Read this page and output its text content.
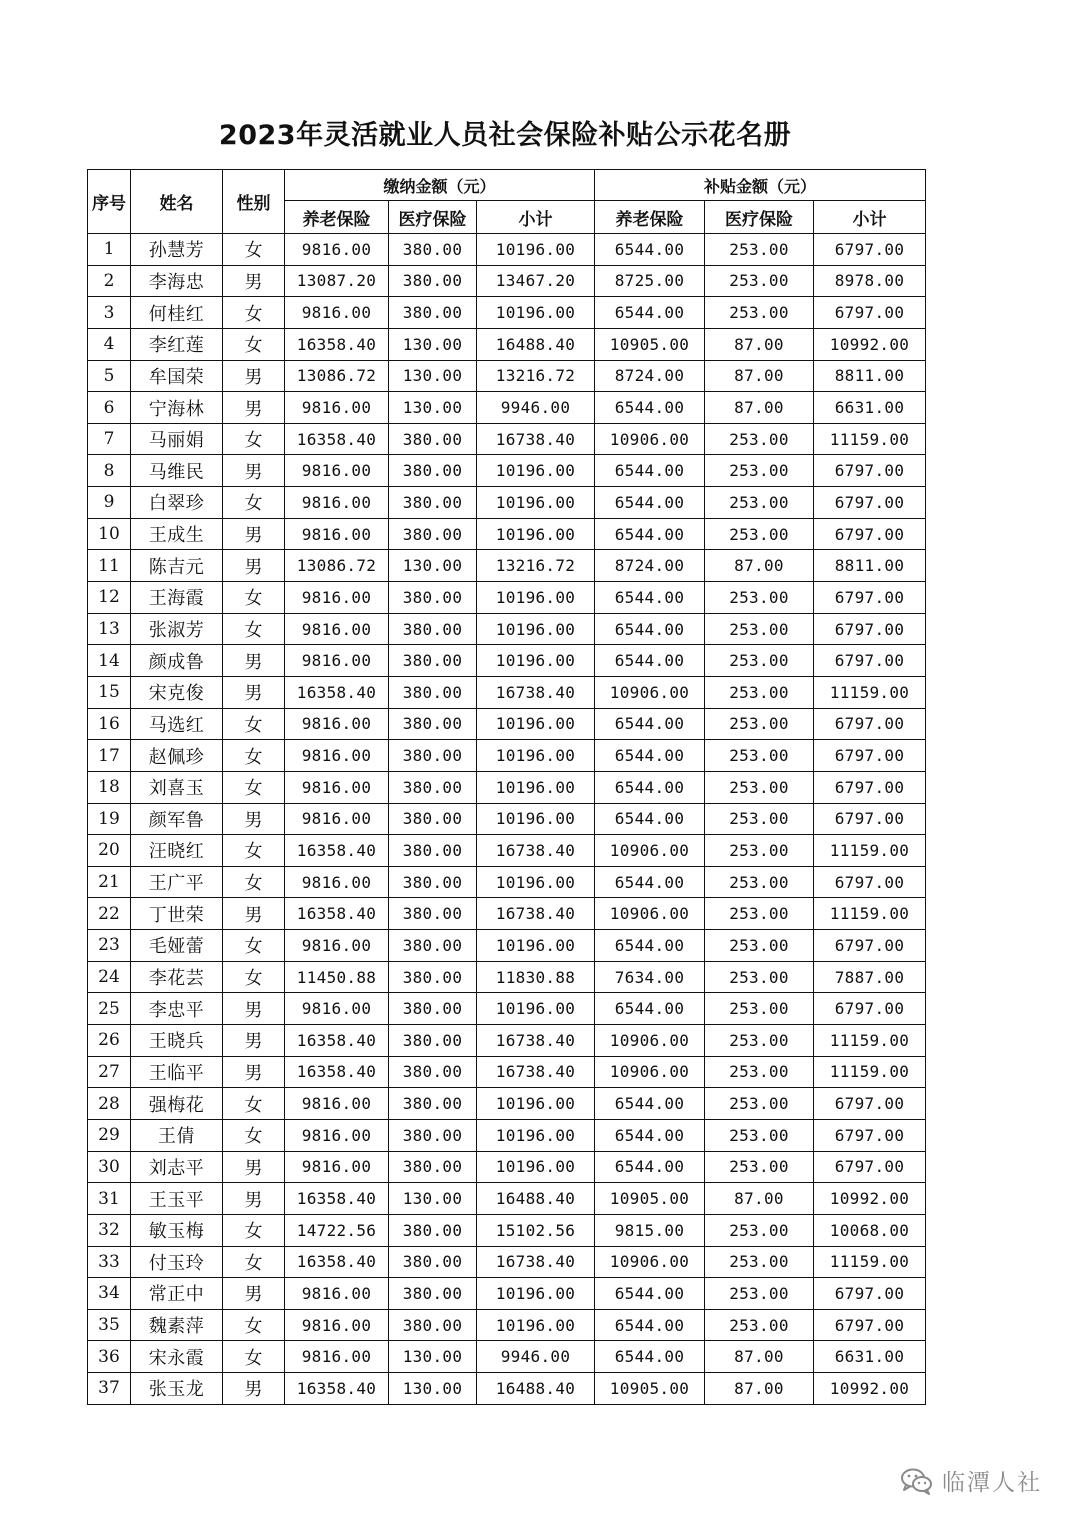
2023年灵活就业人员社会保险补贴公示花名册
序号	姓名	性别	缴纳金额（元）			补贴金额（元）		
			养老保险	医疗保险	小计	养老保险	医疗保险	小计
1	孙慧芳	女	9816.00	380.00	10196.00	6544.00	253.00	6797.00
2	李海忠	男	13087.20	380.00	13467.20	8725.00	253.00	8978.00
3	何桂红	女	9816.00	380.00	10196.00	6544.00	253.00	6797.00
4	李红莲	女	16358.40	130.00	16488.40	10905.00	87.00	10992.00
5	牟国荣	男	13086.72	130.00	13216.72	8724.00	87.00	8811.00
6	宁海林	男	9816.00	130.00	9946.00	6544.00	87.00	6631.00
7	马丽娟	女	16358.40	380.00	16738.40	10906.00	253.00	11159.00
8	马维民	男	9816.00	380.00	10196.00	6544.00	253.00	6797.00
9	白翠珍	女	9816.00	380.00	10196.00	6544.00	253.00	6797.00
10	王成生	男	9816.00	380.00	10196.00	6544.00	253.00	6797.00
11	陈吉元	男	13086.72	130.00	13216.72	8724.00	87.00	8811.00
12	王海霞	女	9816.00	380.00	10196.00	6544.00	253.00	6797.00
13	张淑芳	女	9816.00	380.00	10196.00	6544.00	253.00	6797.00
14	颜成鲁	男	9816.00	380.00	10196.00	6544.00	253.00	6797.00
15	宋克俊	男	16358.40	380.00	16738.40	10906.00	253.00	11159.00
16	马选红	女	9816.00	380.00	10196.00	6544.00	253.00	6797.00
17	赵佩珍	女	9816.00	380.00	10196.00	6544.00	253.00	6797.00
18	刘喜玉	女	9816.00	380.00	10196.00	6544.00	253.00	6797.00
19	颜军鲁	男	9816.00	380.00	10196.00	6544.00	253.00	6797.00
20	汪晓红	女	16358.40	380.00	16738.40	10906.00	253.00	11159.00
21	王广平	女	9816.00	380.00	10196.00	6544.00	253.00	6797.00
22	丁世荣	男	16358.40	380.00	16738.40	10906.00	253.00	11159.00
23	毛娅蕾	女	9816.00	380.00	10196.00	6544.00	253.00	6797.00
24	李花芸	女	11450.88	380.00	11830.88	7634.00	253.00	7887.00
25	李忠平	男	9816.00	380.00	10196.00	6544.00	253.00	6797.00
26	王晓兵	男	16358.40	380.00	16738.40	10906.00	253.00	11159.00
27	王临平	男	16358.40	380.00	16738.40	10906.00	253.00	11159.00
28	强梅花	女	9816.00	380.00	10196.00	6544.00	253.00	6797.00
29	王倩	女	9816.00	380.00	10196.00	6544.00	253.00	6797.00
30	刘志平	男	9816.00	380.00	10196.00	6544.00	253.00	6797.00
31	王玉平	男	16358.40	130.00	16488.40	10905.00	87.00	10992.00
32	敏玉梅	女	14722.56	380.00	15102.56	9815.00	253.00	10068.00
33	付玉玲	女	16358.40	380.00	16738.40	10906.00	253.00	11159.00
34	常正中	男	9816.00	380.00	10196.00	6544.00	253.00	6797.00
35	魏素萍	女	9816.00	380.00	10196.00	6544.00	253.00	6797.00
36	宋永霞	女	9816.00	130.00	9946.00	6544.00	87.00	6631.00
37	张玉龙	男	16358.40	130.00	16488.40	10905.00	87.00	10992.00
临潭人社
